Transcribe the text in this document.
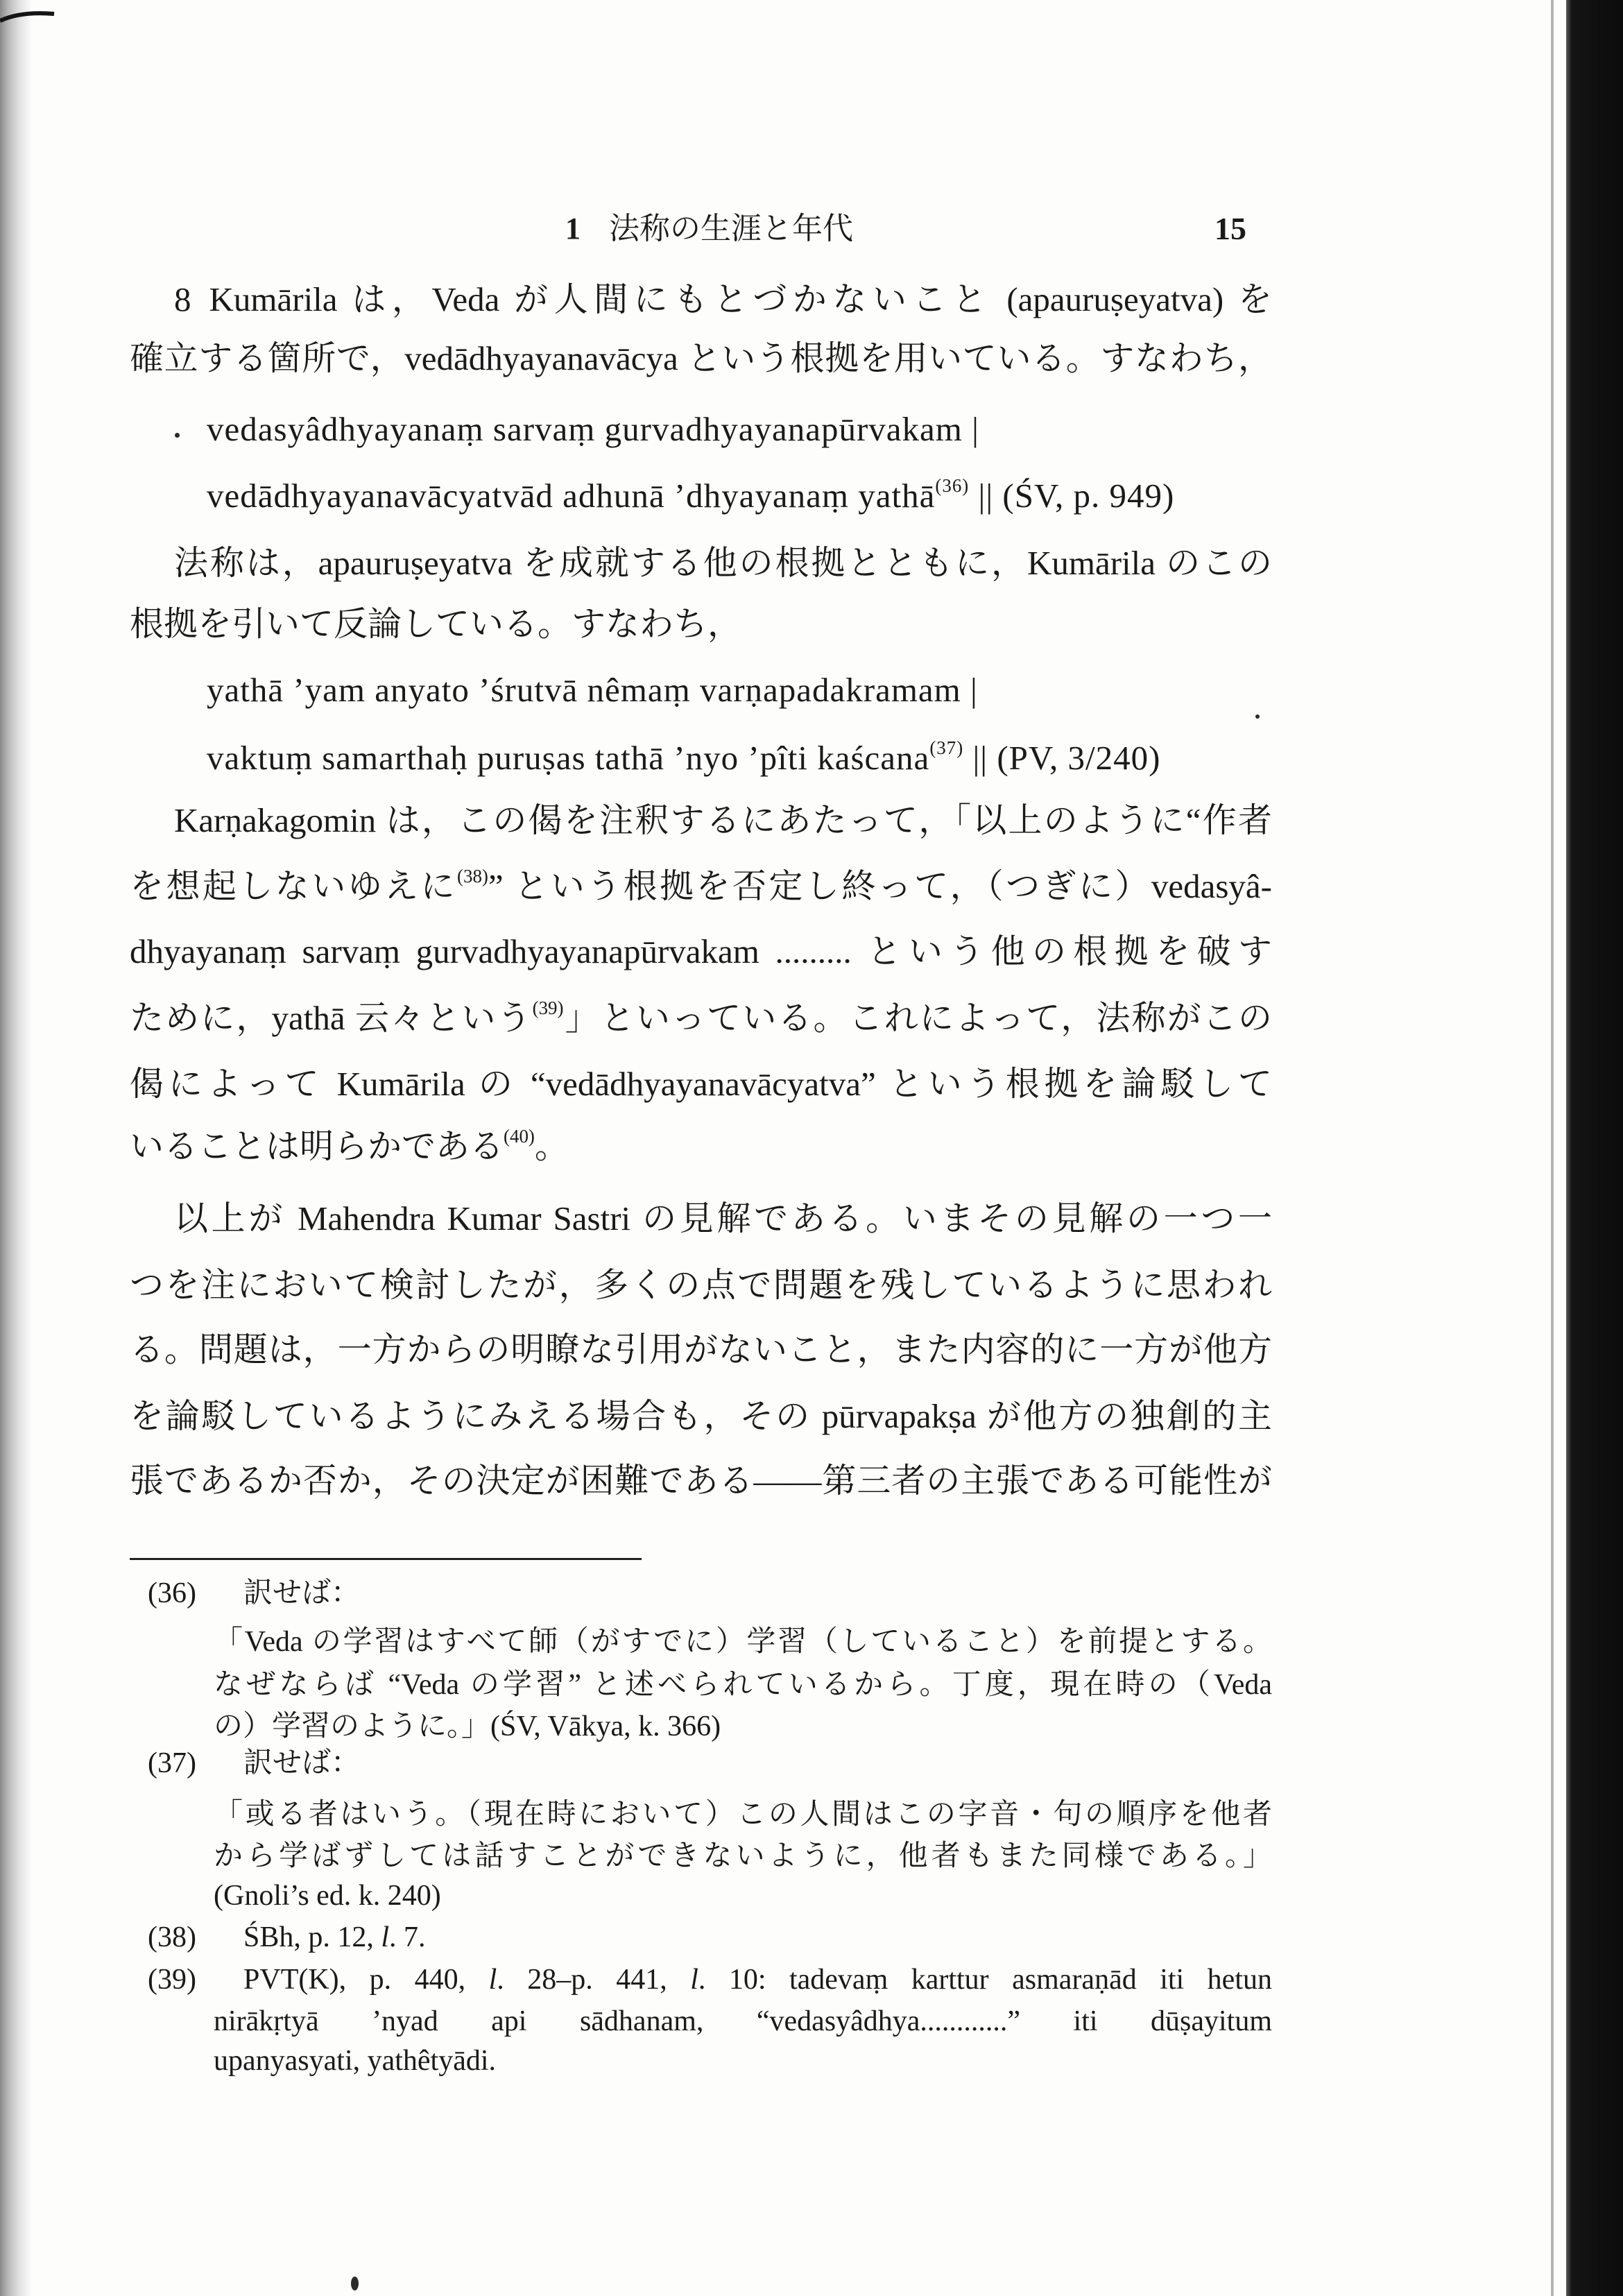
1 法称の生涯と年代	15
8 Kumārila は，Veda が人間にもとづかないこと (apauruṣeyatva) を
確立する箇所で，vedādhyayanavācya という根拠を用いている。すなわち，
vedasyâdhyayanaṃ sarvaṃ gurvadhyayanapūrvakam |
vedādhyayanavācyatvād adhunā ’dhyayanaṃ yathā$^{(36)}$ || (ŚV, p. 949)
法称は，apauruṣeyatva を成就する他の根拠とともに，Kumārila のこの
根拠を引いて反論している。すなわち，
yathā ’yam anyato ’śrutvā nêmaṃ varṇapadakramam |
vaktuṃ samarthaḥ puruṣas tathā ’nyo ’pîti kaścana$^{(37)}$ || (PV, 3/240)
Karṇakagomin は，この偈を注釈するにあたって，「以上のように“作者
を想起しないゆえに$^{(38)}$” という根拠を否定し終って，（つぎに）vedasyâ-
dhyayanaṃ sarvaṃ gurvadhyayanapūrvakam ......... という他の根拠を破す
ために，yathā 云々という$^{(39)}$」といっている。これによって，法称がこの
偈によって Kumārila の “vedādhyayanavācyatva” という根拠を論駁して
いることは明らかである$^{(40)}$。
以上が Mahendra Kumar Sastri の見解である。いまその見解の一つ一
つを注において検討したが，多くの点で問題を残しているように思われ
る。問題は，一方からの明瞭な引用がないこと，また内容的に一方が他方
を論駁しているようにみえる場合も，その pūrvapakṣa が他方の独創的主
張であるか否か，その決定が困難である——第三者の主張である可能性が
(36) 訳せば：
「Veda の学習はすべて師（がすでに）学習（していること）を前提とする。
なぜならば “Veda の学習” と述べられているから。丁度，現在時の（Veda
の）学習のように。」(ŚV, Vākya, k. 366)
(37) 訳せば：
「或る者はいう。（現在時において）この人間はこの字音・句の順序を他者
から学ばずしては話すことができないように，他者もまた同様である。」
(Gnoli’s ed. k. 240)
(38) ŚBh, p. 12, l. 7.
(39) PVT(K), p. 440, l. 28–p. 441, l. 10: tadevaṃ karttur asmaraṇād iti hetun
nirākṛtyā ’nyad api sādhanam, “vedasyâdhya............” iti dūṣayitum
upanyasyati, yathêtyādi.
